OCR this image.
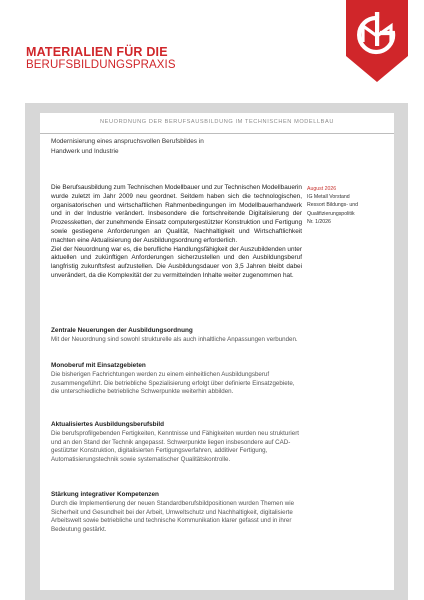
MATERIALIEN FÜR DIE
BERUFSBILDUNGSPRAXIS
NEUORDNUNG DER BERUFSAUSBILDUNG IM TECHNISCHEN MODELLBAU
Modernisierung eines anspruchsvollen Berufsbildes in
Handwerk und Industrie

Die Berufsausbildung zum Technischen Modellbauer und zur Technischen Modellbauerin wurde zuletzt im Jahr 2009 neu geordnet. Seitdem haben sich die technologischen, organisatorischen und wirtschaftlichen Rahmenbedingungen im Modellbauerhandwerk und in der Industrie verändert. Insbesondere die fortschreitende Digitalisierung der Prozessketten, der zunehmende Einsatz computergestützter Konstruktion und Fertigung sowie gestiegene Anforderungen an Qualität, Nachhaltigkeit und Wirtschaftlichkeit machten eine Aktualisierung der Ausbildungsordnung erforderlich.

Ziel der Neuordnung war es, die berufliche Handlungsfähigkeit der Auszubildenden unter aktuellen und zukünftigen Anforderungen sicherzustellen und den Ausbildungsberuf langfristig zukunftsfest aufzustellen. Die Ausbildungsdauer von 3,5 Jahren bleibt dabei unverändert, da die Komplexität der zu vermittelnden Inhalte weiter zugenommen hat.

August 2026
IG Metall Vorstand
Ressort Bildungs- und
Qualifizierungspolitik
Nr. 1/2026
Zentrale Neuerungen der Ausbildungsordnung

Mit der Neuordnung sind sowohl strukturelle als auch inhaltliche Anpassungen verbunden.

Monoberuf mit Einsatzgebieten

Die bisherigen Fachrichtungen werden zu einem einheitlichen Ausbildungsberuf zusammengeführt. Die betriebliche Spezialisierung erfolgt über definierte Einsatzgebiete, die unterschiedliche betriebliche Schwerpunkte weiterhin abbilden.

Aktualisiertes Ausbildungsberufsbild

Die berufsprofilgebenden Fertigkeiten, Kenntnisse und Fähigkeiten wurden neu strukturiert und an den Stand der Technik angepasst. Schwerpunkte liegen insbesondere auf CAD-gestützter Konstruktion, digitalisierten Fertigungsverfahren, additiver Fertigung, Automatisierungstechnik sowie systematischer Qualitätskontrolle.

Stärkung integrativer Kompetenzen

Durch die Implementierung der neuen Standardberufsbildpositionen wurden Themen wie Sicherheit und Gesundheit bei der Arbeit, Umweltschutz und Nachhaltigkeit, digitalisierte Arbeitswelt sowie betriebliche und technische Kommunikation klarer gefasst und in ihrer Bedeutung gestärkt.
